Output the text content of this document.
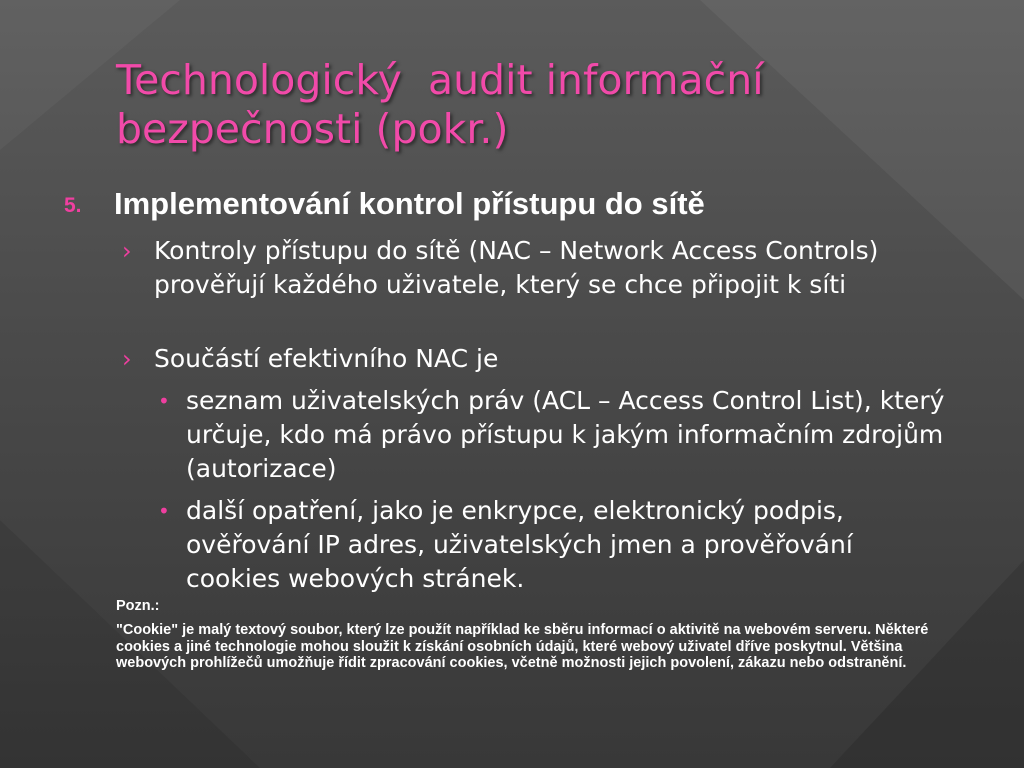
Technologický  audit informační
bezpečnosti (pokr.)
5. Implementování kontrol přístupu do sítě
› Kontroly přístupu do sítě (NAC – Network Access Controls) prověřují každého uživatele, který se chce připojit k síti
› Součástí efektivního NAC je
• seznam uživatelských práv (ACL – Access Control List), který určuje, kdo má právo přístupu k jakým informačním zdrojům (autorizace)
• další opatření, jako je enkrypce, elektronický podpis, ověřování IP adres, uživatelských jmen a prověřování cookies webových stránek.
Pozn.:
"Cookie" je malý textový soubor, který lze použít například ke sběru informací o aktivitě na webovém serveru. Některé cookies a jiné technologie mohou sloužit k získání osobních údajů, které webový uživatel dříve poskytnul. Většina webových prohlížečů umožňuje řídit zpracování cookies, včetně možnosti jejich povolení, zákazu nebo odstranění.
